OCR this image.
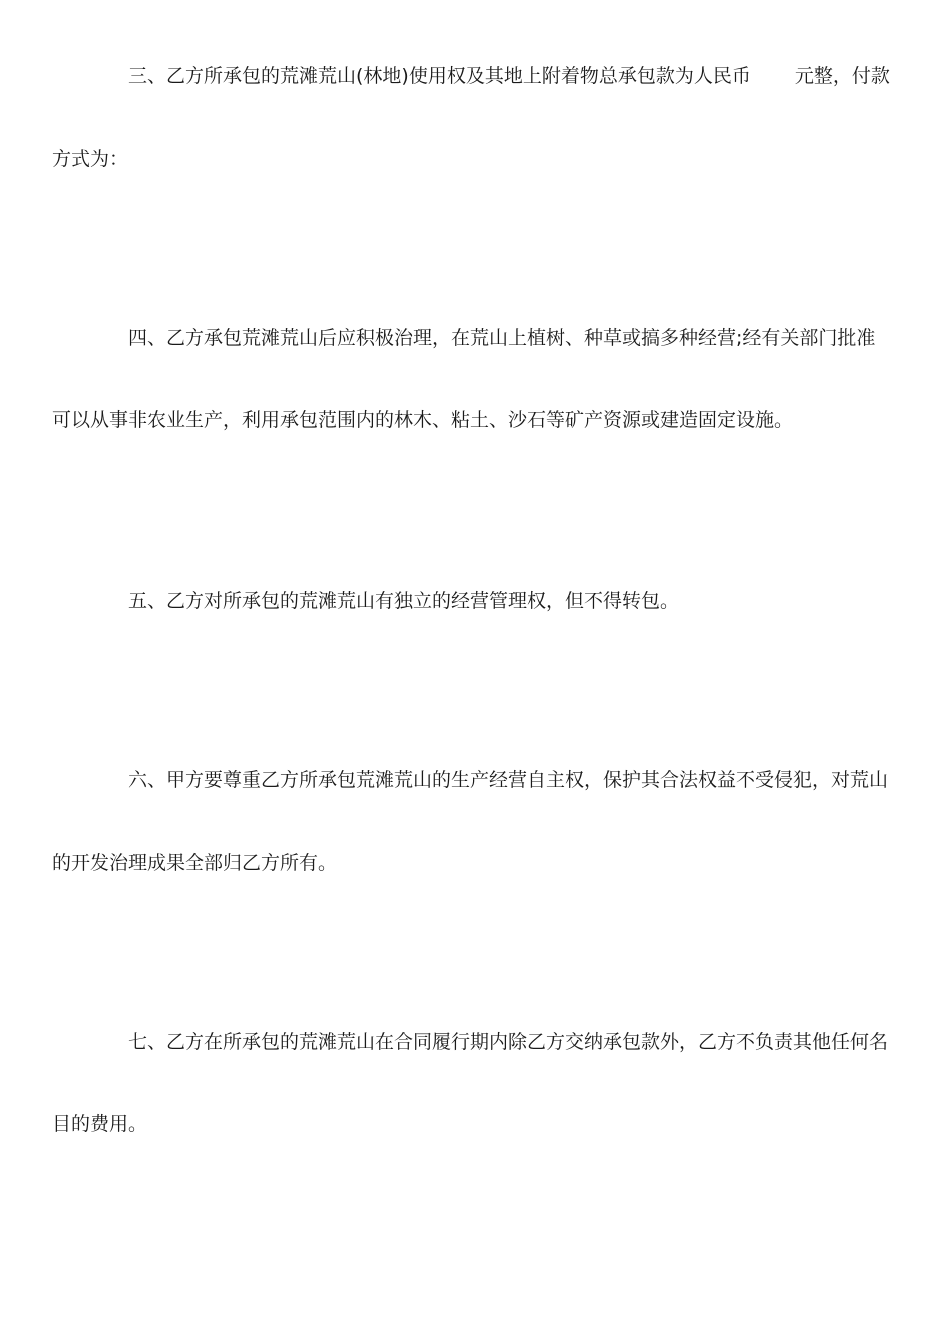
三、乙方所承包的荒滩荒山(林地)使用权及其地上附着物总承包款为人民币 元整，付款
方式为：
四、乙方承包荒滩荒山后应积极治理，在荒山上植树、种草或搞多种经营;经有关部门批准
可以从事非农业生产，利用承包范围内的林木、粘土、沙石等矿产资源或建造固定设施。
五、乙方对所承包的荒滩荒山有独立的经营管理权，但不得转包。
六、甲方要尊重乙方所承包荒滩荒山的生产经营自主权，保护其合法权益不受侵犯，对荒山
的开发治理成果全部归乙方所有。
七、乙方在所承包的荒滩荒山在合同履行期内除乙方交纳承包款外，乙方不负责其他任何名
目的费用。
